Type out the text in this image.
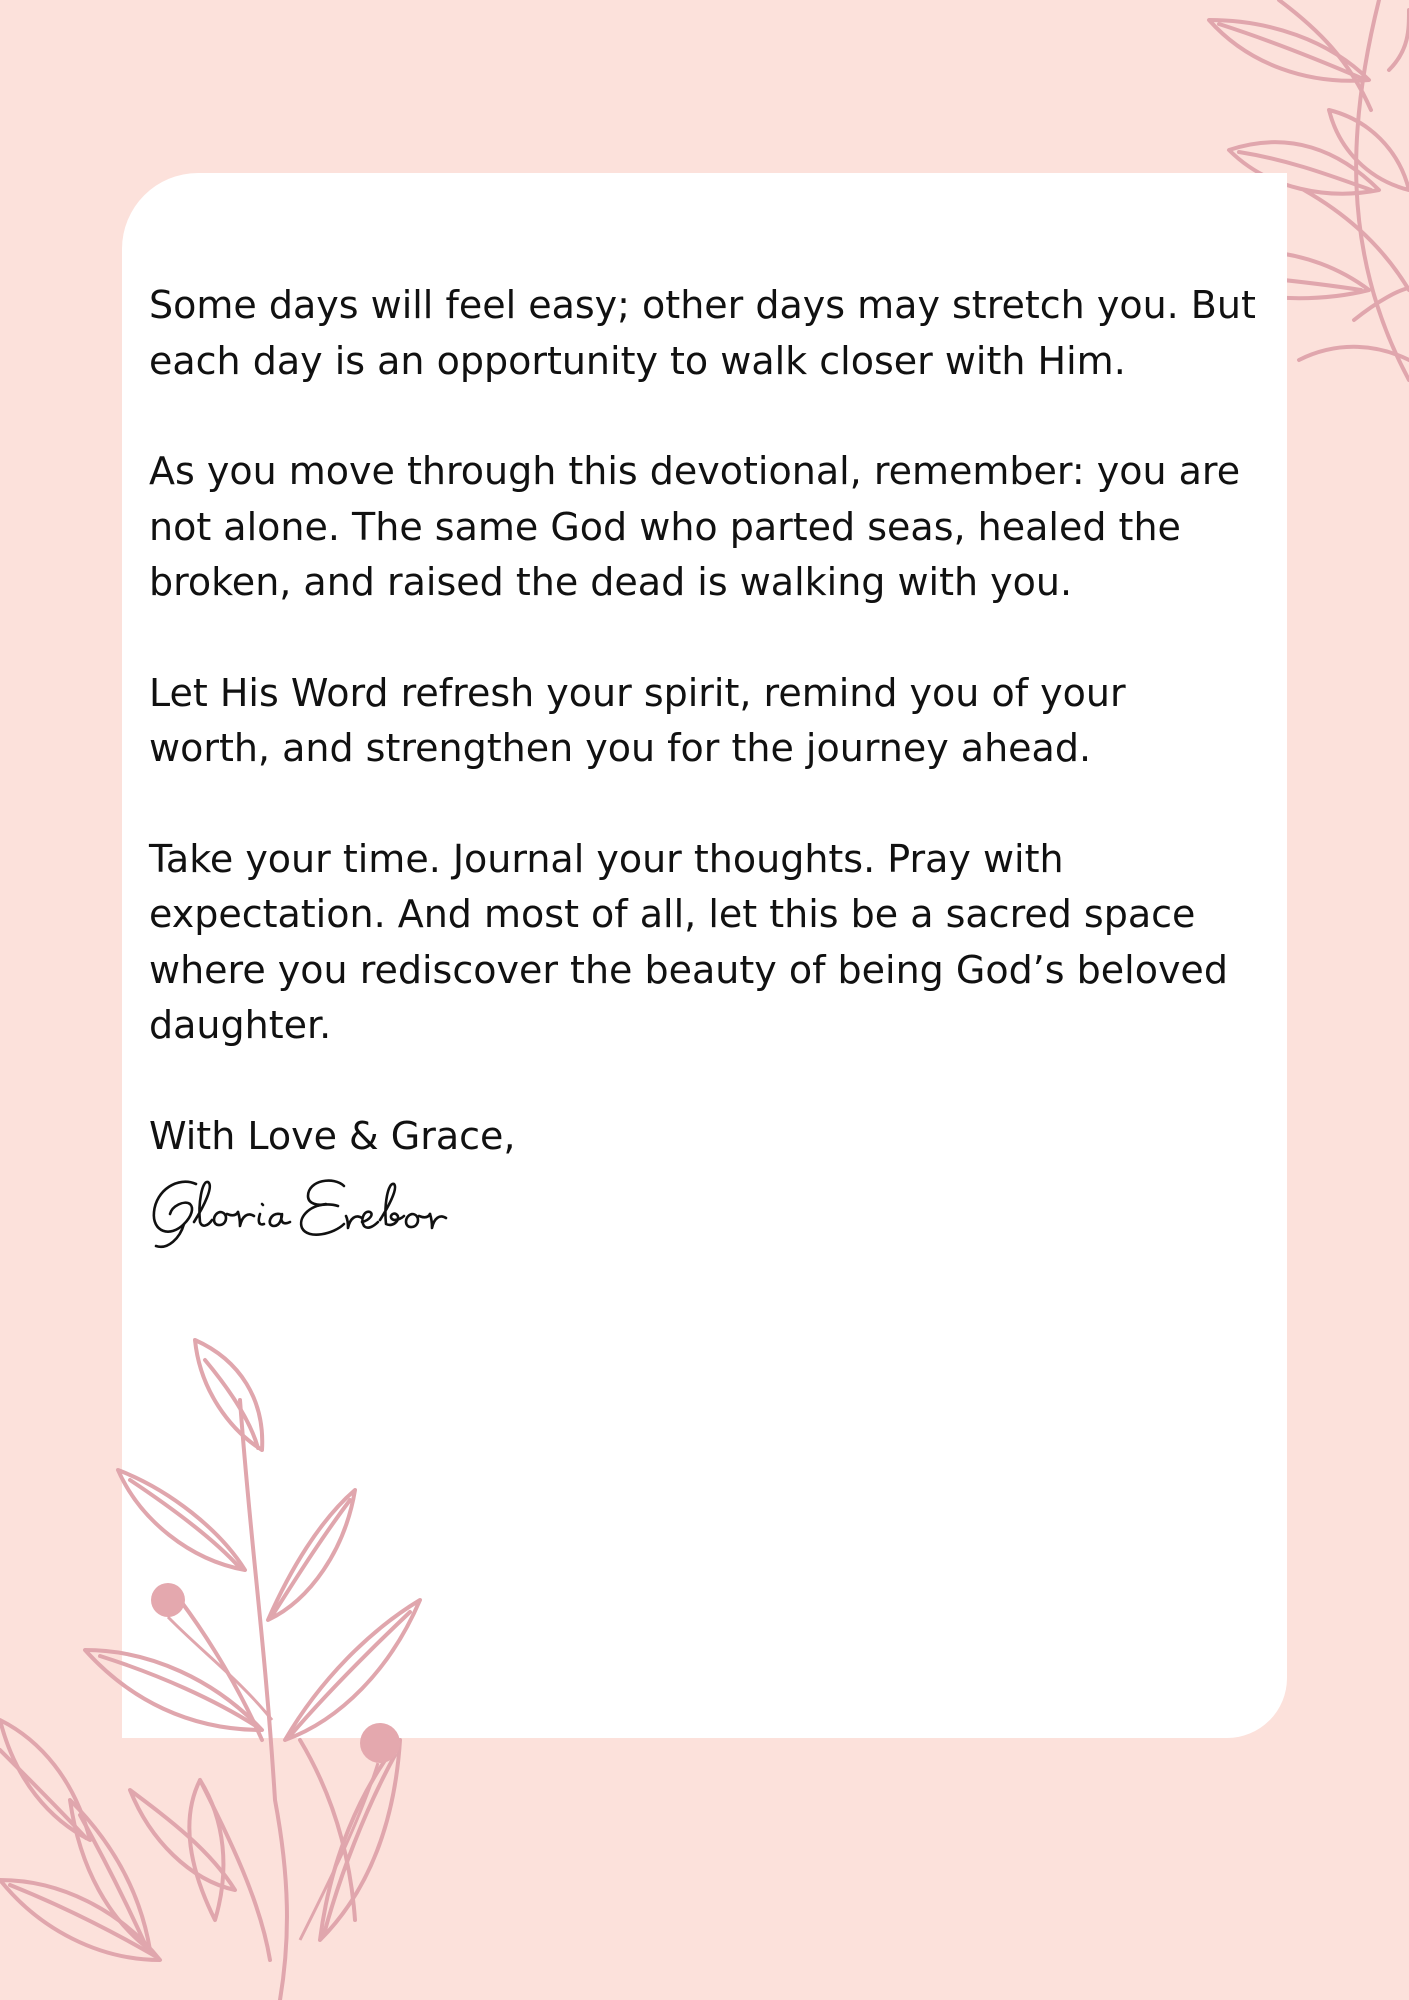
Some days will feel easy; other days may stretch you. But
each day is an opportunity to walk closer with Him.

As you move through this devotional, remember: you are
not alone. The same God who parted seas, healed the
broken, and raised the dead is walking with you.

Let His Word refresh your spirit, remind you of your
worth, and strengthen you for the journey ahead.

Take your time. Journal your thoughts. Pray with
expectation. And most of all, let this be a sacred space
where you rediscover the beauty of being God’s beloved
daughter.

With Love & Grace,
